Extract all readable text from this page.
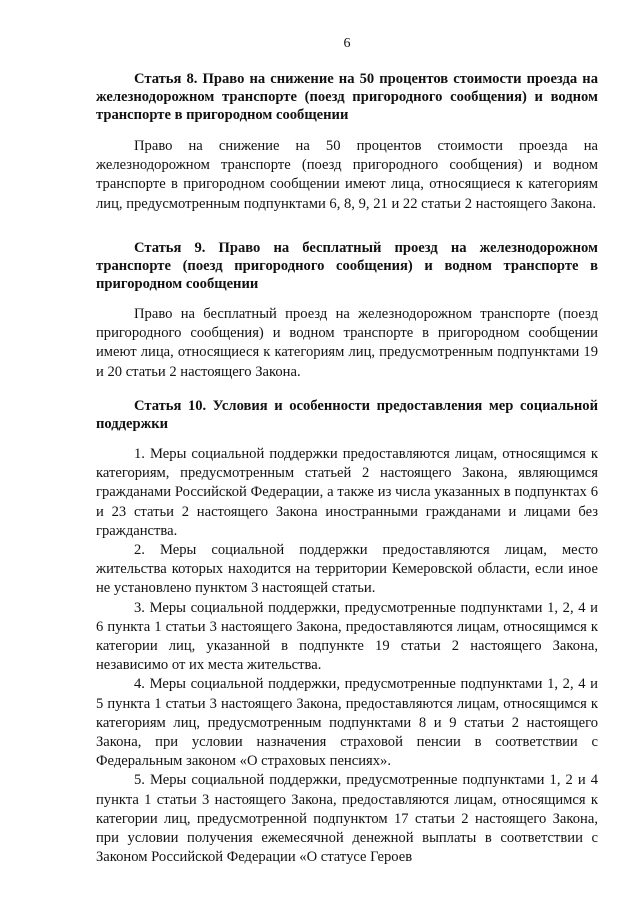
6
Статья 8. Право на снижение на 50 процентов стоимости проезда на железнодорожном транспорте (поезд пригородного сообщения) и водном транспорте в пригородном сообщении
Право на снижение на 50 процентов стоимости проезда на железнодорожном транспорте (поезд пригородного сообщения) и водном транспорте в пригородном сообщении имеют лица, относящиеся к категориям лиц, предусмотренным подпунктами 6, 8, 9, 21 и 22 статьи 2 настоящего Закона.
Статья 9. Право на бесплатный проезд на железнодорожном транспорте (поезд пригородного сообщения) и водном транспорте в пригородном сообщении
Право на бесплатный проезд на железнодорожном транспорте (поезд пригородного сообщения) и водном транспорте в пригородном сообщении имеют лица, относящиеся к категориям лиц, предусмотренным подпунктами 19 и 20 статьи 2 настоящего Закона.
Статья 10. Условия и особенности предоставления мер социальной поддержки

1. Меры социальной поддержки предоставляются лицам, относящимся к категориям, предусмотренным статьей 2 настоящего Закона, являющимся гражданами Российской Федерации, а также из числа указанных в подпунктах 6 и 23 статьи 2 настоящего Закона иностранными гражданами и лицами без гражданства.

2. Меры социальной поддержки предоставляются лицам, место жительства которых находится на территории Кемеровской области, если иное не установлено пунктом 3 настоящей статьи.

3. Меры социальной поддержки, предусмотренные подпунктами 1, 2, 4 и 6 пункта 1 статьи 3 настоящего Закона, предоставляются лицам, относящимся к категории лиц, указанной в подпункте 19 статьи 2 настоящего Закона, независимо от их места жительства.

4. Меры социальной поддержки, предусмотренные подпунктами 1, 2, 4 и 5 пункта 1 статьи 3 настоящего Закона, предоставляются лицам, относящимся к категориям лиц, предусмотренным подпунктами 8 и 9 статьи 2 настоящего Закона, при условии назначения страховой пенсии в соответствии с Федеральным законом «О страховых пенсиях».

5. Меры социальной поддержки, предусмотренные подпунктами 1, 2 и 4 пункта 1 статьи 3 настоящего Закона, предоставляются лицам, относящимся к категории лиц, предусмотренной подпунктом 17 статьи 2 настоящего Закона, при условии получения ежемесячной денежной выплаты в соответствии с Законом Российской Федерации «О статусе Героев
